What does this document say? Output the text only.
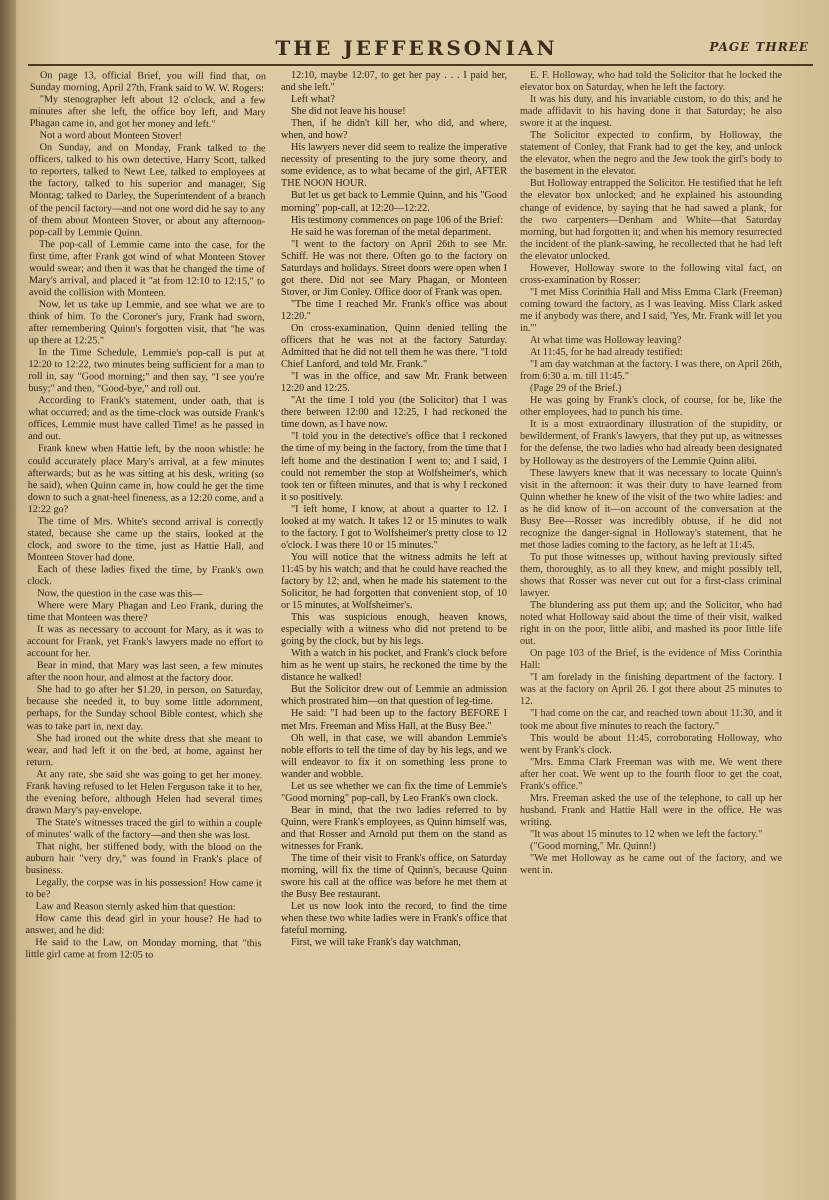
THE JEFFERSONIAN	PAGE THREE

On page 13, official Brief, you will find that, on Sunday morning, April 27th, Frank said to W. W. Rogers:

"My stenographer left about 12 o'clock, and a few minutes after she left, the office boy left, and Mary Phagan came in, and got her money and left."

Not a word about Monteen Stover!

On Sunday, and on Monday, Frank talked to the officers, talked to his own detective, Harry Scott, talked to reporters, talked to Newt Lee, talked to employees at the factory, talked to his superior and manager, Sig Montag; talked to Darley, the Superintendent of a branch of the pencil factory—and not one word did he say to any of them about Monteen Stover, or about any afternoon-pop-call by Lemmie Quinn.

The pop-call of Lemmie came into the case, for the first time, after Frank got wind of what Monteen Stover would swear; and then it was that he changed the time of Mary's arrival, and placed it "at from 12:10 to 12:15," to avoid the collision with Monteen.

Now, let us take up Lemmie, and see what we are to think of him. To the Coroner's jury, Frank had sworn, after remembering Quinn's forgotten visit, that "he was up there at 12:25."

In the Time Schedule, Lemmie's pop-call is put at 12:20 to 12:22, two minutes being sufficient for a man to roll in, say "Good morning;" and then say, "I see you're busy;" and then, "Good-bye," and roll out.

According to Frank's statement, under oath, that is what occurred; and as the time-clock was outside Frank's offices, Lemmie must have called Time! as he passed in and out.

Frank knew when Hattie left, by the noon whistle: he could accurately place Mary's arrival, at a few minutes afterwards; but as he was sitting at his desk, writing (so he said), when Quinn came in, how could he get the time down to such a gnat-heel fineness, as a 12:20 come, and a 12:22 go?

The time of Mrs. White's second arrival is correctly stated, because she came up the stairs, looked at the clock, and swore to the time, just as Hattie Hall, and Monteen Stover had done.

Each of these ladies fixed the time, by Frank's own clock.

Now, the question in the case was this—

Where were Mary Phagan and Leo Frank, during the time that Monteen was there?

It was as necessary to account for Mary, as it was to account for Frank, yet Frank's lawyers made no effort to account for her.

Bear in mind, that Mary was last seen, a few minutes after the noon hour, and almost at the factory door.

She had to go after her $1.20, in person, on Saturday, because she needed it, to buy some little adornment, perhaps, for the Sunday school Bible contest, which she was to take part in, next day.

She had ironed out the white dress that she meant to wear, and had left it on the bed, at home, against her return.

At any rate, she said she was going to get her money. Frank having refused to let Helen Ferguson take it to her, the evening before, although Helen had several times drawn Mary's pay-envelope.

The State's witnesses traced the girl to within a couple of minutes' walk of the factory—and then she was lost.

That night, her stiffened body, with the blood on the auburn hair "very dry," was found in Frank's place of business.

Legally, the corpse was in his possession! How came it to be?

Law and Reason sternly asked him that question:

How came this dead girl in your house? He had to answer, and he did:

He said to the Law, on Monday morning, that "this little girl came at from 12:05 to

12:10, maybe 12:07, to get her pay . . . I paid her, and she left."

Left what?

She did not leave his house!

Then, if he didn't kill her, who did, and where, when, and how?

His lawyers never did seem to realize the imperative necessity of presenting to the jury some theory, and some evidence, as to what became of the girl, AFTER THE NOON HOUR.

But let us get back to Lemmie Quinn, and his "Good morning" pop-call, at 12:20—12:22.

His testimony commences on page 106 of the Brief:

He said he was foreman of the metal department.

"I went to the factory on April 26th to see Mr. Schiff. He was not there. Often go to the factory on Saturdays and holidays. Street doors were open when I got there. Did not see Mary Phagan, or Monteen Stover, or Jim Conley. Office door of Frank was open.

"The time I reached Mr. Frank's office was about 12:20."

On cross-examination, Quinn denied telling the officers that he was not at the factory Saturday. Admitted that he did not tell them he was there. "I told Chief Lanford, and told Mr. Frank."

"I was in the office, and saw Mr. Frank between 12:20 and 12:25.

"At the time I told you (the Solicitor) that I was there between 12:00 and 12:25, I had reckoned the time down, as I have now.

"I told you in the detective's office that I reckoned the time of my being in the factory, from the time that I left home and the destination I went to; and I said, I could not remember the stop at Wolfsheimer's, which took ten or fifteen minutes, and that is why I reckoned it so positively.

"I left home, I know, at about a quarter to 12. I looked at my watch. It takes 12 or 15 minutes to walk to the factory. I got to Wolfsheimer's pretty close to 12 o'clock. I was there 10 or 15 minutes."

You will notice that the witness admits he left at 11:45 by his watch; and that he could have reached the factory by 12; and, when he made his statement to the Solicitor, he had forgotten that convenient stop, of 10 or 15 minutes, at Wolfsheimer's.

This was suspicious enough, heaven knows, especially with a witness who did not pretend to be going by the clock, but by his legs.

With a watch in his pocket, and Frank's clock before him as he went up stairs, he reckoned the time by the distance he walked!

But the Solicitor drew out of Lemmie an admission which prostrated him—on that question of leg-time.

He said: "I had been up to the factory BEFORE I met Mrs. Freeman and Miss Hall, at the Busy Bee."

Oh well, in that case, we will abandon Lemmie's noble efforts to tell the time of day by his legs, and we will endeavor to fix it on something less prone to wander and wobble.

Let us see whether we can fix the time of Lemmie's "Good morning" pop-call, by Leo Frank's own clock.

Bear in mind, that the two ladies referred to by Quinn, were Frank's employees, as Quinn himself was, and that Rosser and Arnold put them on the stand as witnesses for Frank.

The time of their visit to Frank's office, on Saturday morning, will fix the time of Quinn's, because Quinn swore his call at the office was before he met them at the Busy Bee restaurant.

Let us now look into the record, to find the time when these two white ladies were in Frank's office that fateful morning.

First, we will take Frank's day watchman,

E. F. Holloway, who had told the Solicitor that he locked the elevator box on Saturday, when he left the factory.

It was his duty, and his invariable custom, to do this; and he made affidavit to his having done it that Saturday; he also swore it at the inquest.

The Solicitor expected to confirm, by Holloway, the statement of Conley, that Frank had to get the key, and unlock the elevator, when the negro and the Jew took the girl's body to the basement in the elevator.

But Holloway entrapped the Solicitor. He testified that he left the elevator box unlocked; and he explained his astounding change of evidence, by saying that he had sawed a plank, for the two carpenters—Denham and White—that Saturday morning, but had forgotten it; and when his memory resurrected the incident of the plank-sawing, he recollected that he had left the elevator unlocked.

However, Holloway swore to the following vital fact, on cross-examination by Rosser:

"I met Miss Corinthia Hall and Miss Emma Clark (Freeman) coming toward the factory, as I was leaving. Miss Clark asked me if anybody was there, and I said, 'Yes, Mr. Frank will let you in.'"

At what time was Holloway leaving?

At 11:45, for he had already testified:

"I am day watchman at the factory. I was there, on April 26th, from 6:30 a. m. till 11:45."

(Page 29 of the Brief.)

He was going by Frank's clock, of course, for he, like the other employees, had to punch his time.

It is a most extraordinary illustration of the stupidity, or bewilderment, of Frank's lawyers, that they put up, as witnesses for the defense, the two ladies who had already been designated by Holloway as the destroyers of the Lemmie Quinn alibi.

These lawyers knew that it was necessary to locate Quinn's visit in the afternoon: it was their duty to have learned from Quinn whether he knew of the visit of the two white ladies: and as he did know of it—on account of the conversation at the Busy Bee—Rosser was incredibly obtuse, if he did not recognize the danger-signal in Holloway's statement, that he met those ladies coming to the factory, as he left at 11:45.

To put those witnesses up, without having previously sifted them, thoroughly, as to all they knew, and might possibly tell, shows that Rosser was never cut out for a first-class criminal lawyer.

The blundering ass put them up; and the Solicitor, who had noted what Holloway said about the time of their visit, walked right in on the poor, little alibi, and mashed its poor little life out.

On page 103 of the Brief, is the evidence of Miss Corinthia Hall:

"I am forelady in the finishing department of the factory. I was at the factory on April 26. I got there about 25 minutes to 12.

"I had come on the car, and reached town about 11:30, and it took me about five minutes to reach the factory."

This would be about 11:45, corroborating Holloway, who went by Frank's clock.

"Mrs. Emma Clark Freeman was with me. We went there after her coat. We went up to the fourth floor to get the coat, Frank's office."

Mrs. Freeman asked the use of the telephone, to call up her husband. Frank and Hattie Hall were in the office. He was writing.

"It was about 15 minutes to 12 when we left the factory."

("Good morning," Mr. Quinn!)

"We met Holloway as he came out of the factory, and we went in.
